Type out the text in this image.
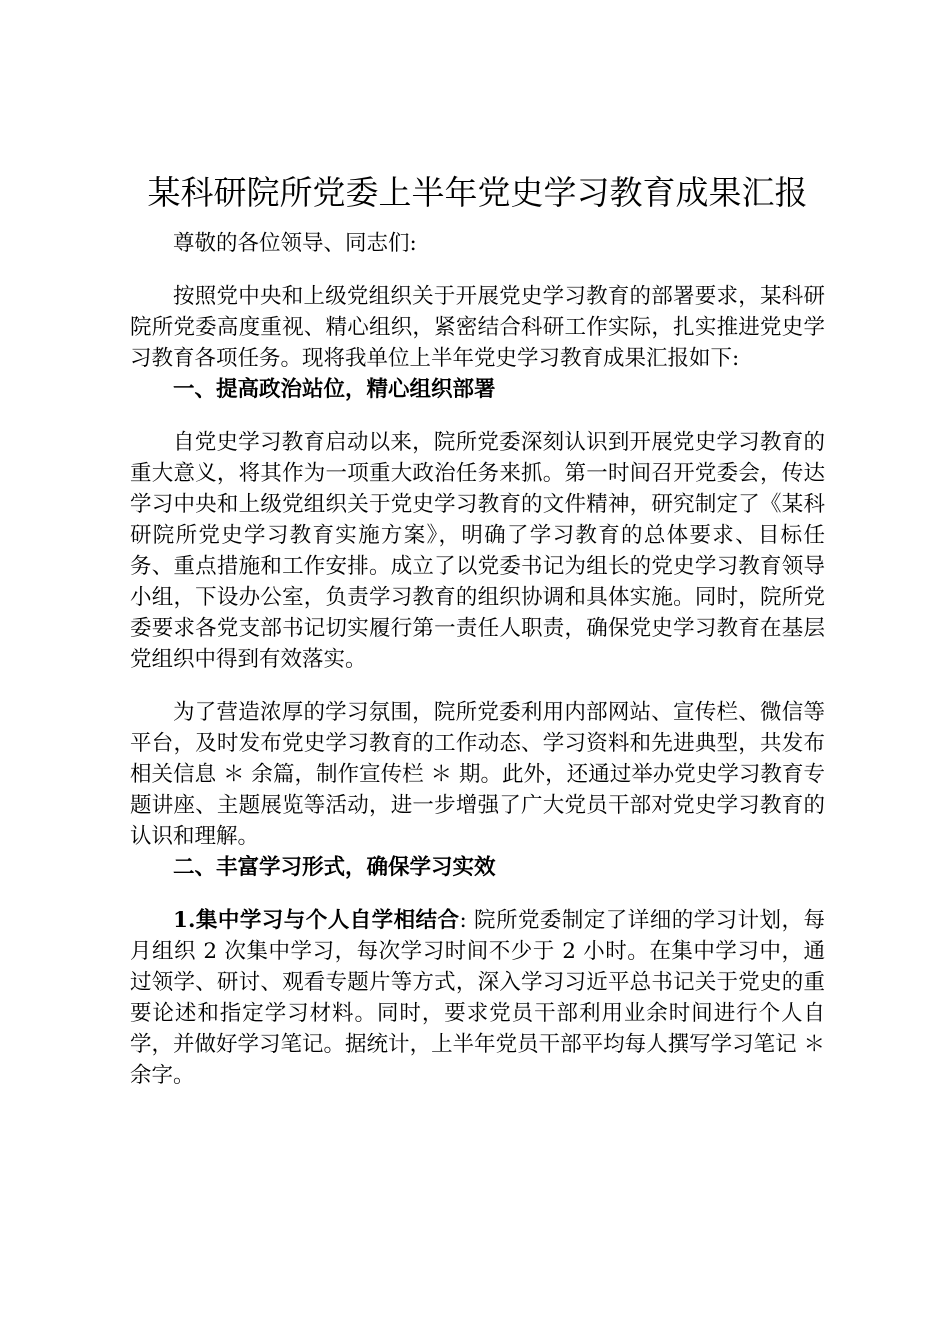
某科研院所党委上半年党史学习教育成果汇报

尊敬的各位领导、同志们:

按照党中央和上级党组织关于开展党史学习教育的部署要求，某科研院所党委高度重视、精心组织，紧密结合科研工作实际，扎实推进党史学习教育各项任务。现将我单位上半年党史学习教育成果汇报如下:

一、提高政治站位，精心组织部署

自党史学习教育启动以来，院所党委深刻认识到开展党史学习教育的重大意义，将其作为一项重大政治任务来抓。第一时间召开党委会，传达学习中央和上级党组织关于党史学习教育的文件精神，研究制定了《某科研院所党史学习教育实施方案》，明确了学习教育的总体要求、目标任务、重点措施和工作安排。成立了以党委书记为组长的党史学习教育领导小组，下设办公室，负责学习教育的组织协调和具体实施。同时，院所党委要求各党支部书记切实履行第一责任人职责，确保党史学习教育在基层党组织中得到有效落实。

为了营造浓厚的学习氛围，院所党委利用内部网站、宣传栏、微信等平台，及时发布党史学习教育的工作动态、学习资料和先进典型，共发布相关信息 ＊ 余篇，制作宣传栏 ＊ 期。此外，还通过举办党史学习教育专题讲座、主题展览等活动，进一步增强了广大党员干部对党史学习教育的认识和理解。

二、丰富学习形式，确保学习实效

1.集中学习与个人自学相结合: 院所党委制定了详细的学习计划，每月组织 2 次集中学习，每次学习时间不少于 2 小时。在集中学习中，通过领学、研讨、观看专题片等方式，深入学习习近平总书记关于党史的重要论述和指定学习材料。同时，要求党员干部利用业余时间进行个人自学，并做好学习笔记。据统计，上半年党员干部平均每人撰写学习笔记 ＊ 余字。
